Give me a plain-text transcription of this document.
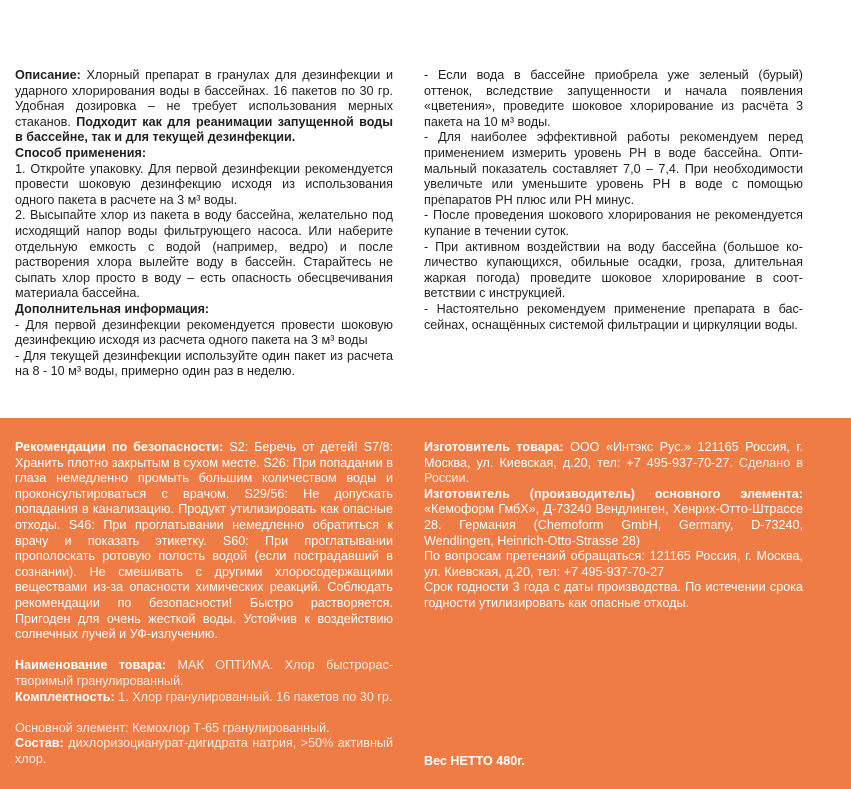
Описание: Хлорный препарат в гранулах для дезинфекции и ударного хлорирования воды в бассейнах. 16 пакетов по 30 гр. Удобная дозировка – не требует использования мерных стаканов. Подходит как для реанимации запущенной воды в бассейне, так и для текущей дезинфекции.

Способ применения:

1. Откройте упаковку. Для первой дезинфекции рекомендуется провести шоковую дезинфекцию исходя из использования одного пакета в расчете на 3 м³ воды.

2. Высыпайте хлор из пакета в воду бассейна, желательно под исходящий напор воды фильтрующего насоса. Или наберите отдельную емкость с водой (например, ведро) и после растворения хлора вылейте воду в бассейн. Старайтесь не сыпать хлор просто в воду – есть опасность обесцвечивания материала бассейна.

Дополнительная информация:

- Для первой дезинфекции рекомендуется провести шоковую дезинфекцию исходя из расчета одного пакета на 3 м³ воды

- Для текущей дезинфекции используйте один пакет из расчета на 8 - 10 м³ воды, примерно один раз в неделю.

- Если вода в бассейне приобрела уже зеленый (бурый) оттенок, вследствие запущенности и начала появления «цветения», проведите шоковое хлорирование из расчёта 3 пакета на 10 м³ воды.

- Для наиболее эффективной работы рекомендуем перед применением измерить уровень PH в воде бассейна. Оптимальный показатель составляет 7,0 – 7,4. При необходимости увеличьте или уменьшите уровень PH в воде с помощью препаратов PH плюс или PH минус.

- После проведения шокового хлорирования не рекомендуется купание в течении суток.

- При активном воздействии на воду бассейна (большое количество купающихся, обильные осадки, гроза, длительная жаркая погода) проведите шоковое хлорирование в соответствии с инструкцией.

- Настоятельно рекомендуем применение препарата в бассейнах, оснащённых системой фильтрации и циркуляции воды.

Рекомендации по безопасности: S2: Беречь от детей! S7/8: Хранить плотно закрытым в сухом месте. S26: При попадании в глаза немедленно промыть большим количеством воды и проконсультироваться с врачом. S29/56: Не допускать попадания в канализацию. Продукт утилизировать как опасные отходы. S46: При проглатывании немедленно обратиться к врачу и показать этикетку. S60: При проглатывании прополоскать ротовую полость водой (если пострадавший в сознании). Не смешивать с другими хлоросодержащими веществами из-за опасности химических реакций. Соблюдать рекомендации по безопасности! Быстро растворяется. Пригоден для очень жесткой воды. Устойчив к воздействию солнечных лучей и УФ-излучению.

Наименование товара: МАК ОПТИМА. Хлор быстрорастворимый гранулированный.

Комплектность: 1. Хлор гранулированный. 16 пакетов по 30 гр.

Основной элемент: Кемохлор Т-65 гранулированный.

Состав: дихлоризоцианурат-дигидрата натрия, >50% активный хлор.

Изготовитель товара: ООО «Интэкс Рус.» 121165 Россия, г. Москва, ул. Киевская, д.20, тел: +7 495-937-70-27. Сделано в России.

Изготовитель (производитель) основного элемента: «Кемоформ ГмбХ», Д-73240 Вендлинген, Хенрих-Отто-Штрассе 28. Германия (Chemoform GmbH, Germany, D-73240, Wendlingen, Heinrich-Otto-Strasse 28)

По вопросам претензий обращаться: 121165 Россия, г. Москва, ул. Киевская, д.20, тел: +7 495-937-70-27

Срок годности 3 года с даты производства. По истечении срока годности утилизировать как опасные отходы.

Вес НЕТТО 480г.
